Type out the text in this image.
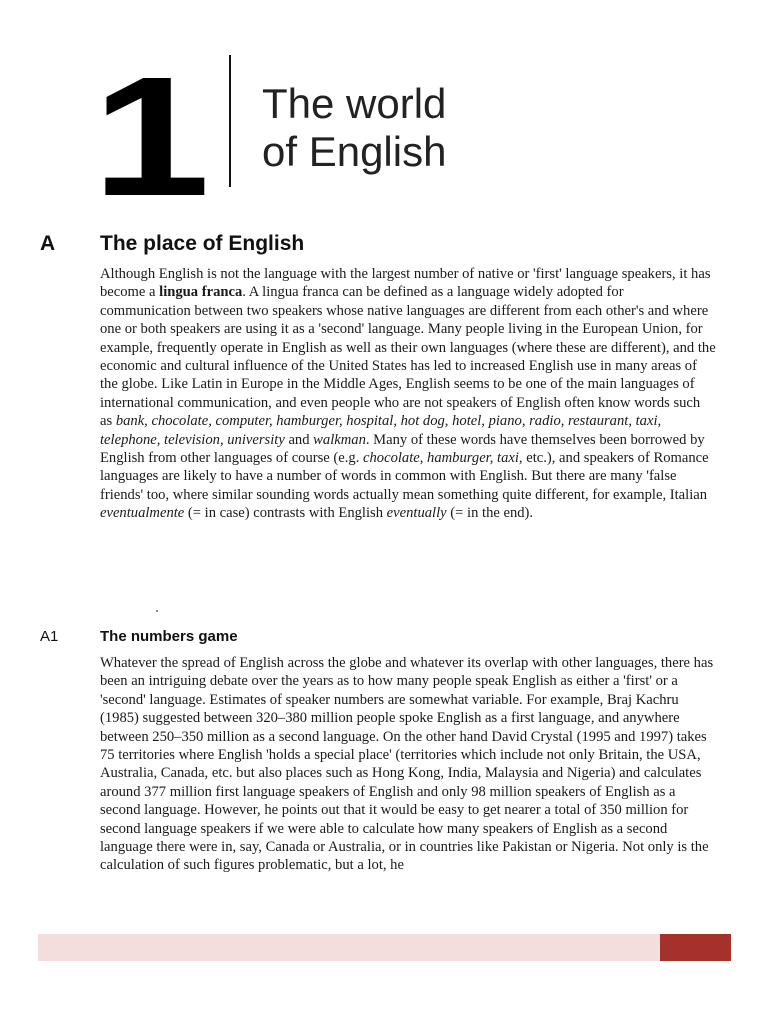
1 The world
of English
A The place of English
Although English is not the language with the largest number of native or 'first' language speakers, it has become a lingua franca. A lingua franca can be defined as a language widely adopted for communication between two speakers whose native languages are different from each other's and where one or both speakers are using it as a 'second' language. Many people living in the European Union, for example, frequently operate in English as well as their own languages (where these are different), and the economic and cultural influence of the United States has led to increased English use in many areas of the globe. Like Latin in Europe in the Middle Ages, English seems to be one of the main languages of international communication, and even people who are not speakers of English often know words such as bank, chocolate, computer, hamburger, hospital, hot dog, hotel, piano, radio, restaurant, taxi, telephone, television, university and walkman. Many of these words have themselves been borrowed by English from other languages of course (e.g. chocolate, hamburger, taxi, etc.), and speakers of Romance languages are likely to have a number of words in common with English. But there are many 'false friends' too, where similar sounding words actually mean something quite different, for example, Italian eventualmente (= in case) contrasts with English eventually (= in the end).
A1	The numbers game
Whatever the spread of English across the globe and whatever its overlap with other languages, there has been an intriguing debate over the years as to how many people speak English as either a 'first' or a 'second' language. Estimates of speaker numbers are somewhat variable. For example, Braj Kachru (1985) suggested between 320–380 million people spoke English as a first language, and anywhere between 250–350 million as a second language. On the other hand David Crystal (1995 and 1997) takes 75 territories where English 'holds a special place' (territories which include not only Britain, the USA, Australia, Canada, etc. but also places such as Hong Kong, India, Malaysia and Nigeria) and calculates around 377 million first language speakers of English and only 98 million speakers of English as a second language. However, he points out that it would be easy to get nearer a total of 350 million for second language speakers if we were able to calculate how many speakers of English as a second language there were in, say, Canada or Australia, or in countries like Pakistan or Nigeria. Not only is the calculation of such figures problematic, but a lot, he
